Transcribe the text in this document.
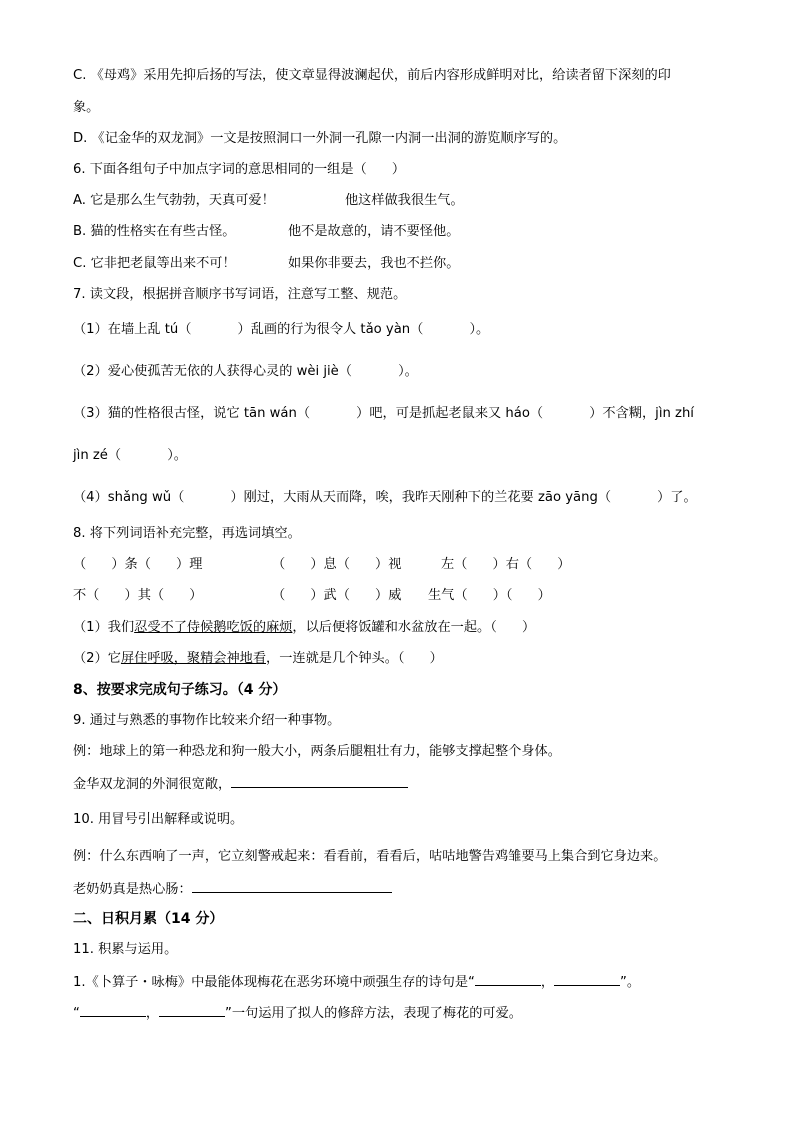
C. 《母鸡》采用先抑后扬的写法，使文章显得波澜起伏，前后内容形成鲜明对比，给读者留下深刻的印

象。

D. 《记金华的双龙洞》一文是按照洞口一外洞一孔隙一内洞一出洞的游览顺序写的。

6. 下面各组句子中加点字词的意思相同的一组是（      ）

A. 它是那么生气勃勃，天真可爱！	他这样做我很生气。

B. 猫的性格实在有些古怪。	他不是故意的，请不要怪他。

C. 它非把老鼠等出来不可！	如果你非要去，我也不拦你。

7. 读文段，根据拼音顺序书写词语，注意写工整、规范。

（1）在墙上乱 tú（           ）乱画的行为很令人 tǎo yàn（           ）。

（2）爱心使孤苦无依的人获得心灵的 wèi jiè（           ）。

（3）猫的性格很古怪，说它 tān wán（           ）吧，可是抓起老鼠来又 háo（           ）不含糊，jìn zhí

jìn zé（           ）。

（4）shǎng wǔ（           ）刚过，大雨从天而降，唉，我昨天刚种下的兰花要 zāo yāng（           ）了。

8. 将下列词语补充完整，再选词填空。

（      ）条（      ）理	（      ）息（      ）视	左（      ）右（      ）
不（      ）其（      ）	（      ）武（      ）威 生气（      ）（      ）

（1）我们忍受不了侍候鹅吃饭的麻烦，以后便将饭罐和水盆放在一起。（      ）

（2）它屏住呼吸，聚精会神地看，一连就是几个钟头。（      ）

8、按要求完成句子练习。（4 分）

9. 通过与熟悉的事物作比较来介绍一种事物。

例：地球上的第一种恐龙和狗一般大小，两条后腿粗壮有力，能够支撑起整个身体。

金华双龙洞的外洞很宽敞，

10. 用冒号引出解释或说明。

例：什么东西响了一声，它立刻警戒起来：看看前，看看后，咕咕地警告鸡雏要马上集合到它身边来。

老奶奶真是热心肠：

二、日积月累（14 分）

11. 积累与运用。

1.《卜算子・咏梅》中最能体现梅花在恶劣环境中顽强生存的诗句是“	，	”。

“	，	”一句运用了拟人的修辞方法，表现了梅花的可爱。
